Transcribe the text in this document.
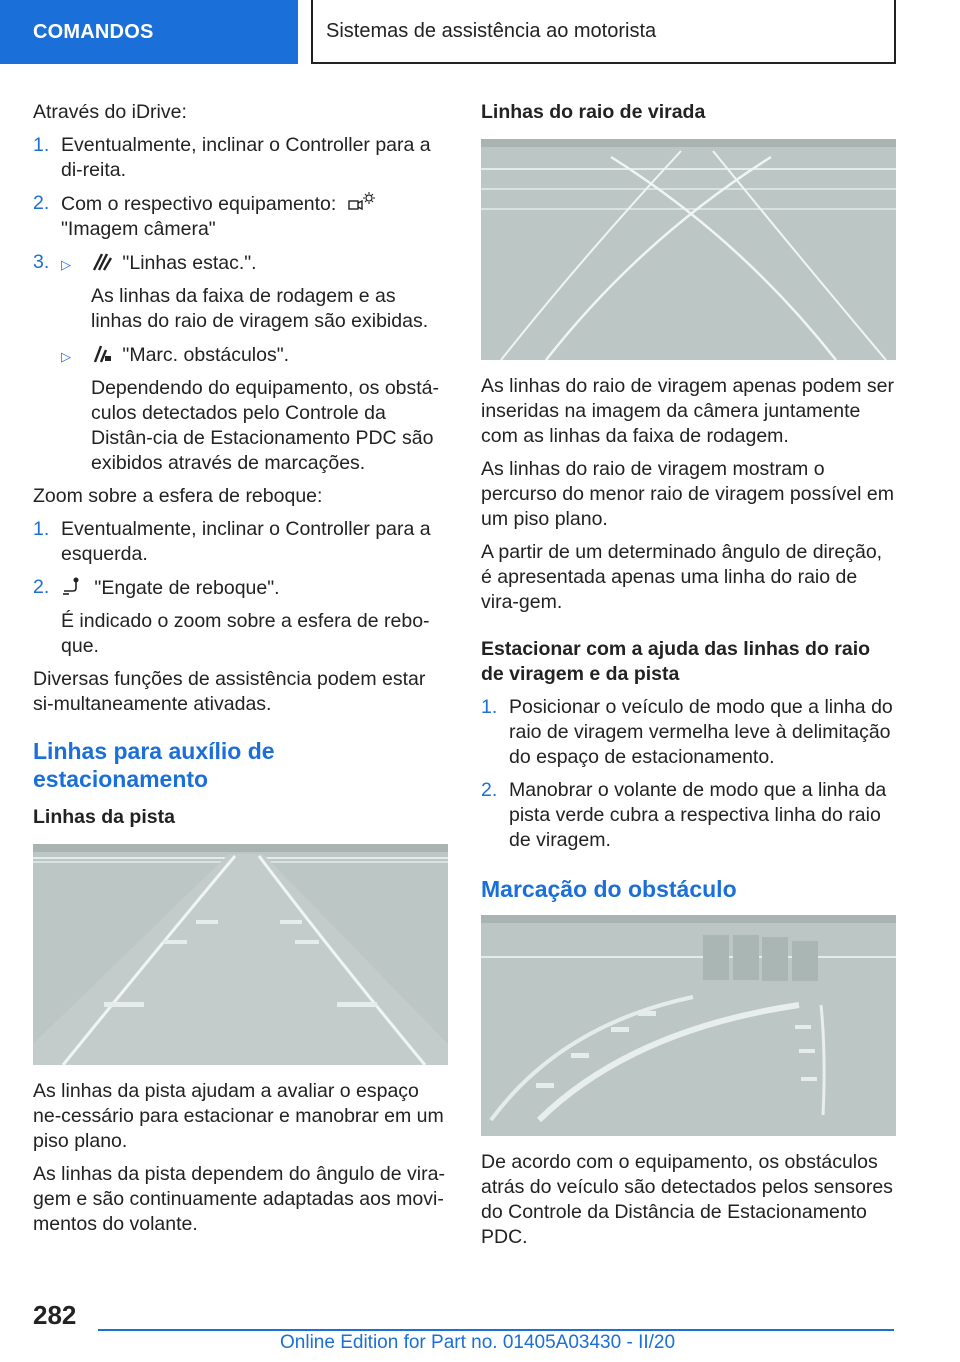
COMANDOS	Sistemas de assistência ao motorista

Através do iDrive:

1. Eventualmente, inclinar o Controller para a di-reita.
2. Com o respectivo equipamento:
"Imagem câmera"
3. ▷	"Linhas estac.".
As linhas da faixa de rodagem e as linhas do raio de viragem são exibidas.
▷	"Marc. obstáculos".
Dependendo do equipamento, os obstá-culos detectados pelo Controle da Distân-cia de Estacionamento PDC são exibidos através de marcações.

Zoom sobre a esfera de reboque:

1. Eventualmente, inclinar o Controller para a esquerda.
2.	"Engate de reboque".
É indicado o zoom sobre a esfera de rebo-que.

Diversas funções de assistência podem estar si-multaneamente ativadas.

Linhas para auxílio de estacionamento
Linhas da pista

As linhas da pista ajudam a avaliar o espaço ne-cessário para estacionar e manobrar em um piso plano.

As linhas da pista dependem do ângulo de vira-gem e são continuamente adaptadas aos movi-mentos do volante.

Linhas do raio de virada

As linhas do raio de viragem apenas podem ser inseridas na imagem da câmera juntamente com as linhas da faixa de rodagem.

As linhas do raio de viragem mostram o percurso do menor raio de viragem possível em um piso plano.

A partir de um determinado ângulo de direção, é apresentada apenas uma linha do raio de vira-gem.

Estacionar com a ajuda das linhas do raio de viragem e da pista
1. Posicionar o veículo de modo que a linha do raio de viragem vermelha leve à delimitação do espaço de estacionamento.
2. Manobrar o volante de modo que a linha da pista verde cubra a respectiva linha do raio de viragem.
Marcação do obstáculo

De acordo com o equipamento, os obstáculos atrás do veículo são detectados pelos sensores do Controle da Distância de Estacionamento PDC.

282
Online Edition for Part no. 01405A03430 - II/20
